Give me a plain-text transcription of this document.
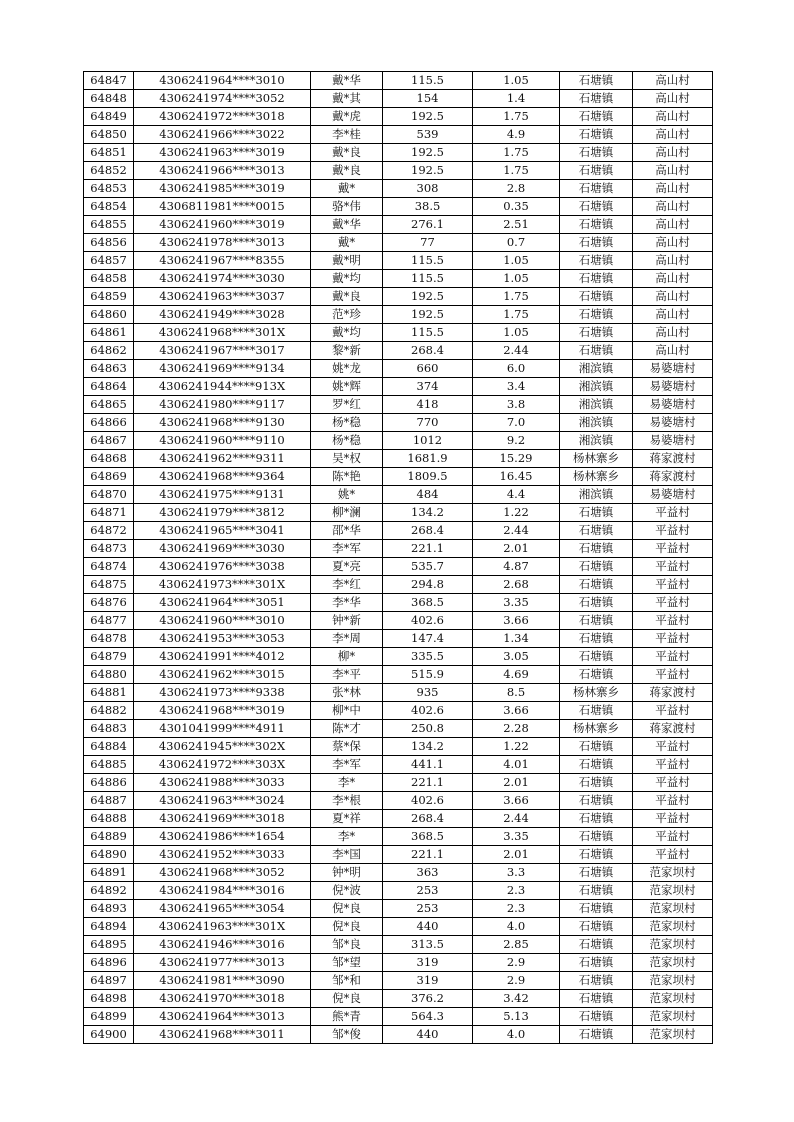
64847	4306241964****3010	戴*华	115.5	1.05	石塘镇	高山村
64848	4306241974****3052	戴*其	154	1.4	石塘镇	高山村
64849	4306241972****3018	戴*虎	192.5	1.75	石塘镇	高山村
64850	4306241966****3022	李*桂	539	4.9	石塘镇	高山村
64851	4306241963****3019	戴*良	192.5	1.75	石塘镇	高山村
64852	4306241966****3013	戴*良	192.5	1.75	石塘镇	高山村
64853	4306241985****3019	戴*	308	2.8	石塘镇	高山村
64854	4306811981****0015	骆*伟	38.5	0.35	石塘镇	高山村
64855	4306241960****3019	戴*华	276.1	2.51	石塘镇	高山村
64856	4306241978****3013	戴*	77	0.7	石塘镇	高山村
64857	4306241967****8355	戴*明	115.5	1.05	石塘镇	高山村
64858	4306241974****3030	戴*均	115.5	1.05	石塘镇	高山村
64859	4306241963****3037	戴*良	192.5	1.75	石塘镇	高山村
64860	4306241949****3028	范*珍	192.5	1.75	石塘镇	高山村
64861	4306241968****301X	戴*均	115.5	1.05	石塘镇	高山村
64862	4306241967****3017	黎*新	268.4	2.44	石塘镇	高山村
64863	4306241969****9134	姚*龙	660	6.0	湘滨镇	易婆塘村
64864	4306241944****913X	姚*辉	374	3.4	湘滨镇	易婆塘村
64865	4306241980****9117	罗*红	418	3.8	湘滨镇	易婆塘村
64866	4306241968****9130	杨*稳	770	7.0	湘滨镇	易婆塘村
64867	4306241960****9110	杨*稳	1012	9.2	湘滨镇	易婆塘村
64868	4306241962****9311	吴*权	1681.9	15.29	杨林寨乡	蒋家渡村
64869	4306241968****9364	陈*艳	1809.5	16.45	杨林寨乡	蒋家渡村
64870	4306241975****9131	姚*	484	4.4	湘滨镇	易婆塘村
64871	4306241979****3812	柳*澜	134.2	1.22	石塘镇	平益村
64872	4306241965****3041	邵*华	268.4	2.44	石塘镇	平益村
64873	4306241969****3030	李*军	221.1	2.01	石塘镇	平益村
64874	4306241976****3038	夏*亮	535.7	4.87	石塘镇	平益村
64875	4306241973****301X	李*红	294.8	2.68	石塘镇	平益村
64876	4306241964****3051	李*华	368.5	3.35	石塘镇	平益村
64877	4306241960****3010	钟*新	402.6	3.66	石塘镇	平益村
64878	4306241953****3053	李*周	147.4	1.34	石塘镇	平益村
64879	4306241991****4012	柳*	335.5	3.05	石塘镇	平益村
64880	4306241962****3015	李*平	515.9	4.69	石塘镇	平益村
64881	4306241973****9338	张*林	935	8.5	杨林寨乡	蒋家渡村
64882	4306241968****3019	柳*中	402.6	3.66	石塘镇	平益村
64883	4301041999****4911	陈*才	250.8	2.28	杨林寨乡	蒋家渡村
64884	4306241945****302X	蔡*保	134.2	1.22	石塘镇	平益村
64885	4306241972****303X	李*军	441.1	4.01	石塘镇	平益村
64886	4306241988****3033	李*	221.1	2.01	石塘镇	平益村
64887	4306241963****3024	李*根	402.6	3.66	石塘镇	平益村
64888	4306241969****3018	夏*祥	268.4	2.44	石塘镇	平益村
64889	4306241986****1654	李*	368.5	3.35	石塘镇	平益村
64890	4306241952****3033	李*国	221.1	2.01	石塘镇	平益村
64891	4306241968****3052	钟*明	363	3.3	石塘镇	范家坝村
64892	4306241984****3016	倪*波	253	2.3	石塘镇	范家坝村
64893	4306241965****3054	倪*良	253	2.3	石塘镇	范家坝村
64894	4306241963****301X	倪*良	440	4.0	石塘镇	范家坝村
64895	4306241946****3016	邹*良	313.5	2.85	石塘镇	范家坝村
64896	4306241977****3013	邹*望	319	2.9	石塘镇	范家坝村
64897	4306241981****3090	邹*和	319	2.9	石塘镇	范家坝村
64898	4306241970****3018	倪*良	376.2	3.42	石塘镇	范家坝村
64899	4306241964****3013	熊*青	564.3	5.13	石塘镇	范家坝村
64900	4306241968****3011	邹*俊	440	4.0	石塘镇	范家坝村
